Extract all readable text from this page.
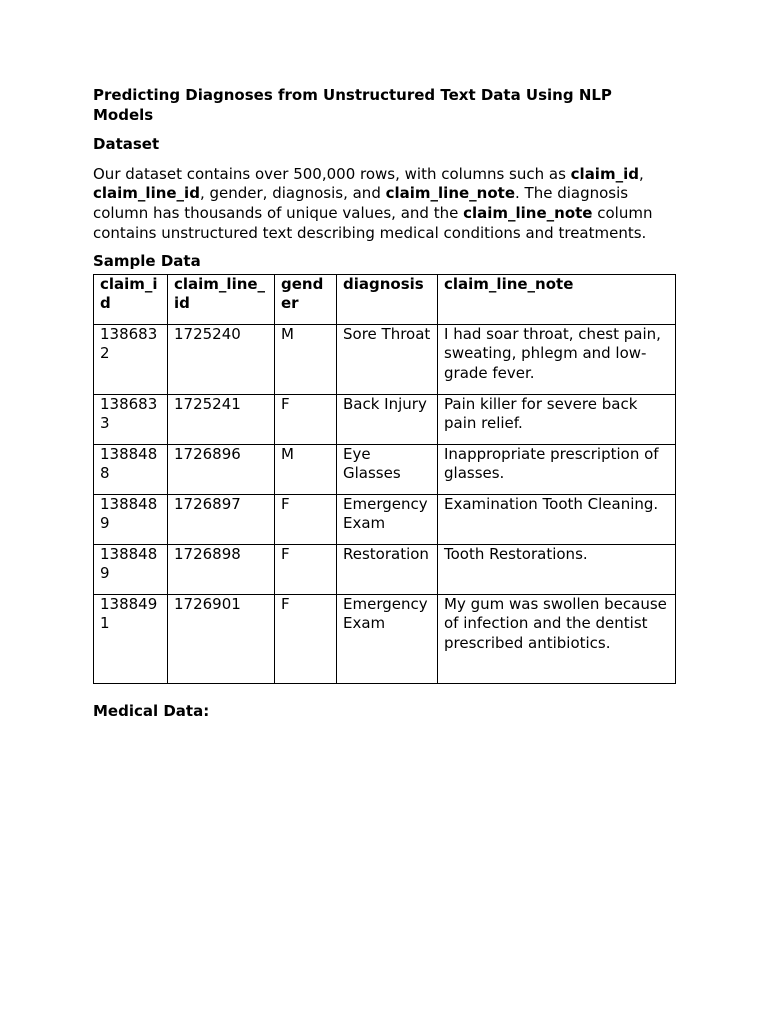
Predicting Diagnoses from Unstructured Text Data Using NLP Models

Dataset

Our dataset contains over 500,000 rows, with columns such as claim_id, claim_line_id, gender, diagnosis, and claim_line_note. The diagnosis column has thousands of unique values, and the claim_line_note column contains unstructured text describing medical conditions and treatments.

Sample Data

claim_id	claim_line_id	gender	diagnosis	claim_line_note
1386832	1725240	M	Sore Throat	I had soar throat, chest pain, sweating, phlegm and low-grade fever.
1386833	1725241	F	Back Injury	Pain killer for severe back pain relief.
1388488	1726896	M	Eye Glasses	Inappropriate prescription of glasses.
1388489	1726897	F	Emergency Exam	Examination Tooth Cleaning.
1388489	1726898	F	Restoration	Tooth Restorations.
1388491	1726901	F	Emergency Exam	My gum was swollen because of infection and the dentist prescribed antibiotics.

Medical Data:
